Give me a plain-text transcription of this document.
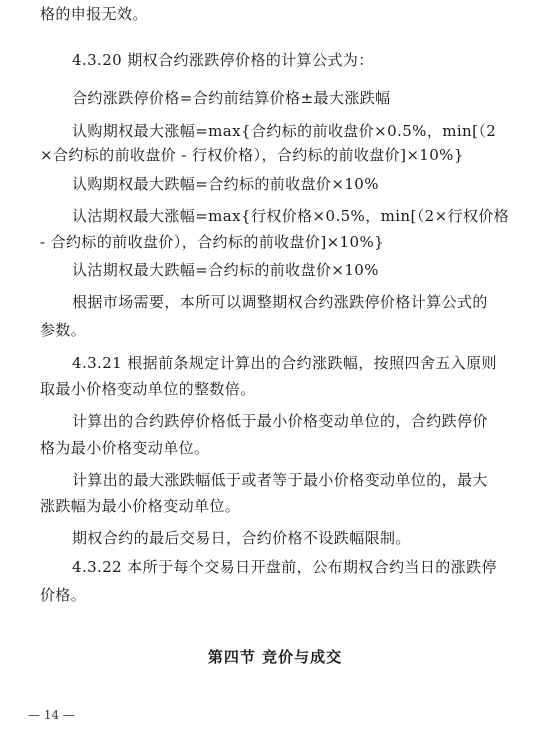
格的申报无效。
4.3.20 期权合约涨跌停价格的计算公式为：
合约涨跌停价格=合约前结算价格±最大涨跌幅
认购期权最大涨幅=max{合约标的前收盘价×0.5%，min[（2
×合约标的前收盘价 - 行权价格），合约标的前收盘价]×10%}
认购期权最大跌幅=合约标的前收盘价×10%
认沽期权最大涨幅=max{行权价格×0.5%，min[（2×行权价格
- 合约标的前收盘价），合约标的前收盘价]×10%}
认沽期权最大跌幅=合约标的前收盘价×10%
根据市场需要，本所可以调整期权合约涨跌停价格计算公式的
参数。
4.3.21 根据前条规定计算出的合约涨跌幅，按照四舍五入原则
取最小价格变动单位的整数倍。
计算出的合约跌停价格低于最小价格变动单位的，合约跌停价
格为最小价格变动单位。
计算出的最大涨跌幅低于或者等于最小价格变动单位的，最大
涨跌幅为最小价格变动单位。
期权合约的最后交易日，合约价格不设跌幅限制。
4.3.22 本所于每个交易日开盘前，公布期权合约当日的涨跌停
价格。
第四节 竞价与成交
— 14 —
